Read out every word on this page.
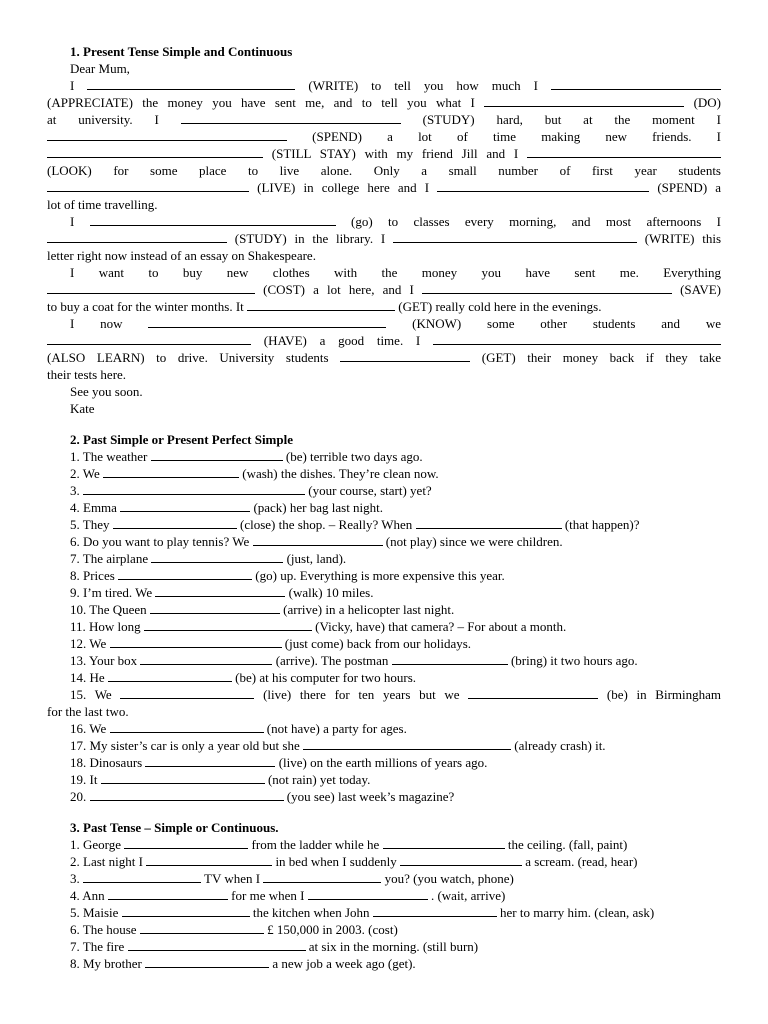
1. Present Tense Simple and Continuous
Dear Mum,
I	(WRITE) to tell you how much I
(APPRECIATE) the money you have sent me, and to tell you what I	(DO)
at university. I	(STUDY) hard, but at the moment I
(SPEND) a lot of time making new friends. I
(STILL STAY) with my friend Jill and I
(LOOK) for some place to live alone. Only a small number of first year students
(LIVE) in college here and I	(SPEND) a
lot of time travelling.
I	(go) to classes every morning, and most afternoons I
(STUDY) in the library. I	(WRITE) this
letter right now instead of an essay on Shakespeare.
I want to buy new clothes with the money you have sent me. Everything
(COST) a lot here, and I	(SAVE)
to buy a coat for the winter months. It	(GET) really cold here in the evenings.
I now	(KNOW) some other students and we
(HAVE) a good time. I
(ALSO LEARN) to drive. University students	(GET) their money back if they take
their tests here.
See you soon.
Kate
2. Past Simple or Present Perfect Simple
1. The weather	(be) terrible two days ago.
2. We	(wash) the dishes. They’re clean now.
3.	(your course, start) yet?
4. Emma	(pack) her bag last night.
5. They	(close) the shop. – Really? When	(that happen)?
6. Do you want to play tennis? We	(not play) since we were children.
7. The airplane	(just, land).
8. Prices	(go) up. Everything is more expensive this year.
9. I’m tired. We	(walk) 10 miles.
10. The Queen	(arrive) in a helicopter last night.
11. How long	(Vicky, have) that camera? – For about a month.
12. We	(just come) back from our holidays.
13. Your box	(arrive). The postman	(bring) it two hours ago.
14. He	(be) at his computer for two hours.
15. We	(live) there for ten years but we	(be) in Birmingham
for the last two.
16. We	(not have) a party for ages.
17. My sister’s car is only a year old but she	(already crash) it.
18. Dinosaurs	(live) on the earth millions of years ago.
19. It	(not rain) yet today.
20.	(you see) last week’s magazine?
3. Past Tense – Simple or Continuous.
1. George	from the ladder while he	the ceiling. (fall, paint)
2. Last night I	in bed when I suddenly	a scream. (read, hear)
3.	TV when I	you? (you watch, phone)
4. Ann	for me when I	. (wait, arrive)
5. Maisie	the kitchen when John	her to marry him. (clean, ask)
6. The house	£ 150,000 in 2003. (cost)
7. The fire	at six in the morning. (still burn)
8. My brother	a new job a week ago (get).
